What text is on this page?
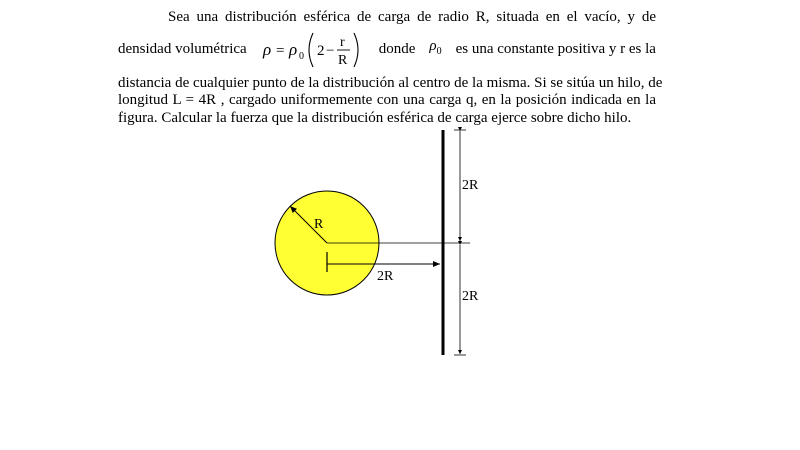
Sea una distribución esférica de carga de radio R, situada en el vacío, y de
densidad volumétrica ρ = ρ 0 2 −
r
R
donde $\rho_0$ es una constante positiva y r es la
distancia de cualquier punto de la distribución al centro de la misma. Si se sitúa un hilo, de
longitud L = 4R , cargado uniformemente con una carga q, en la posición indicada en la
figura. Calcular la fuerza que la distribución esférica de carga ejerce sobre dicho hilo.
R
2R
2R
2R
